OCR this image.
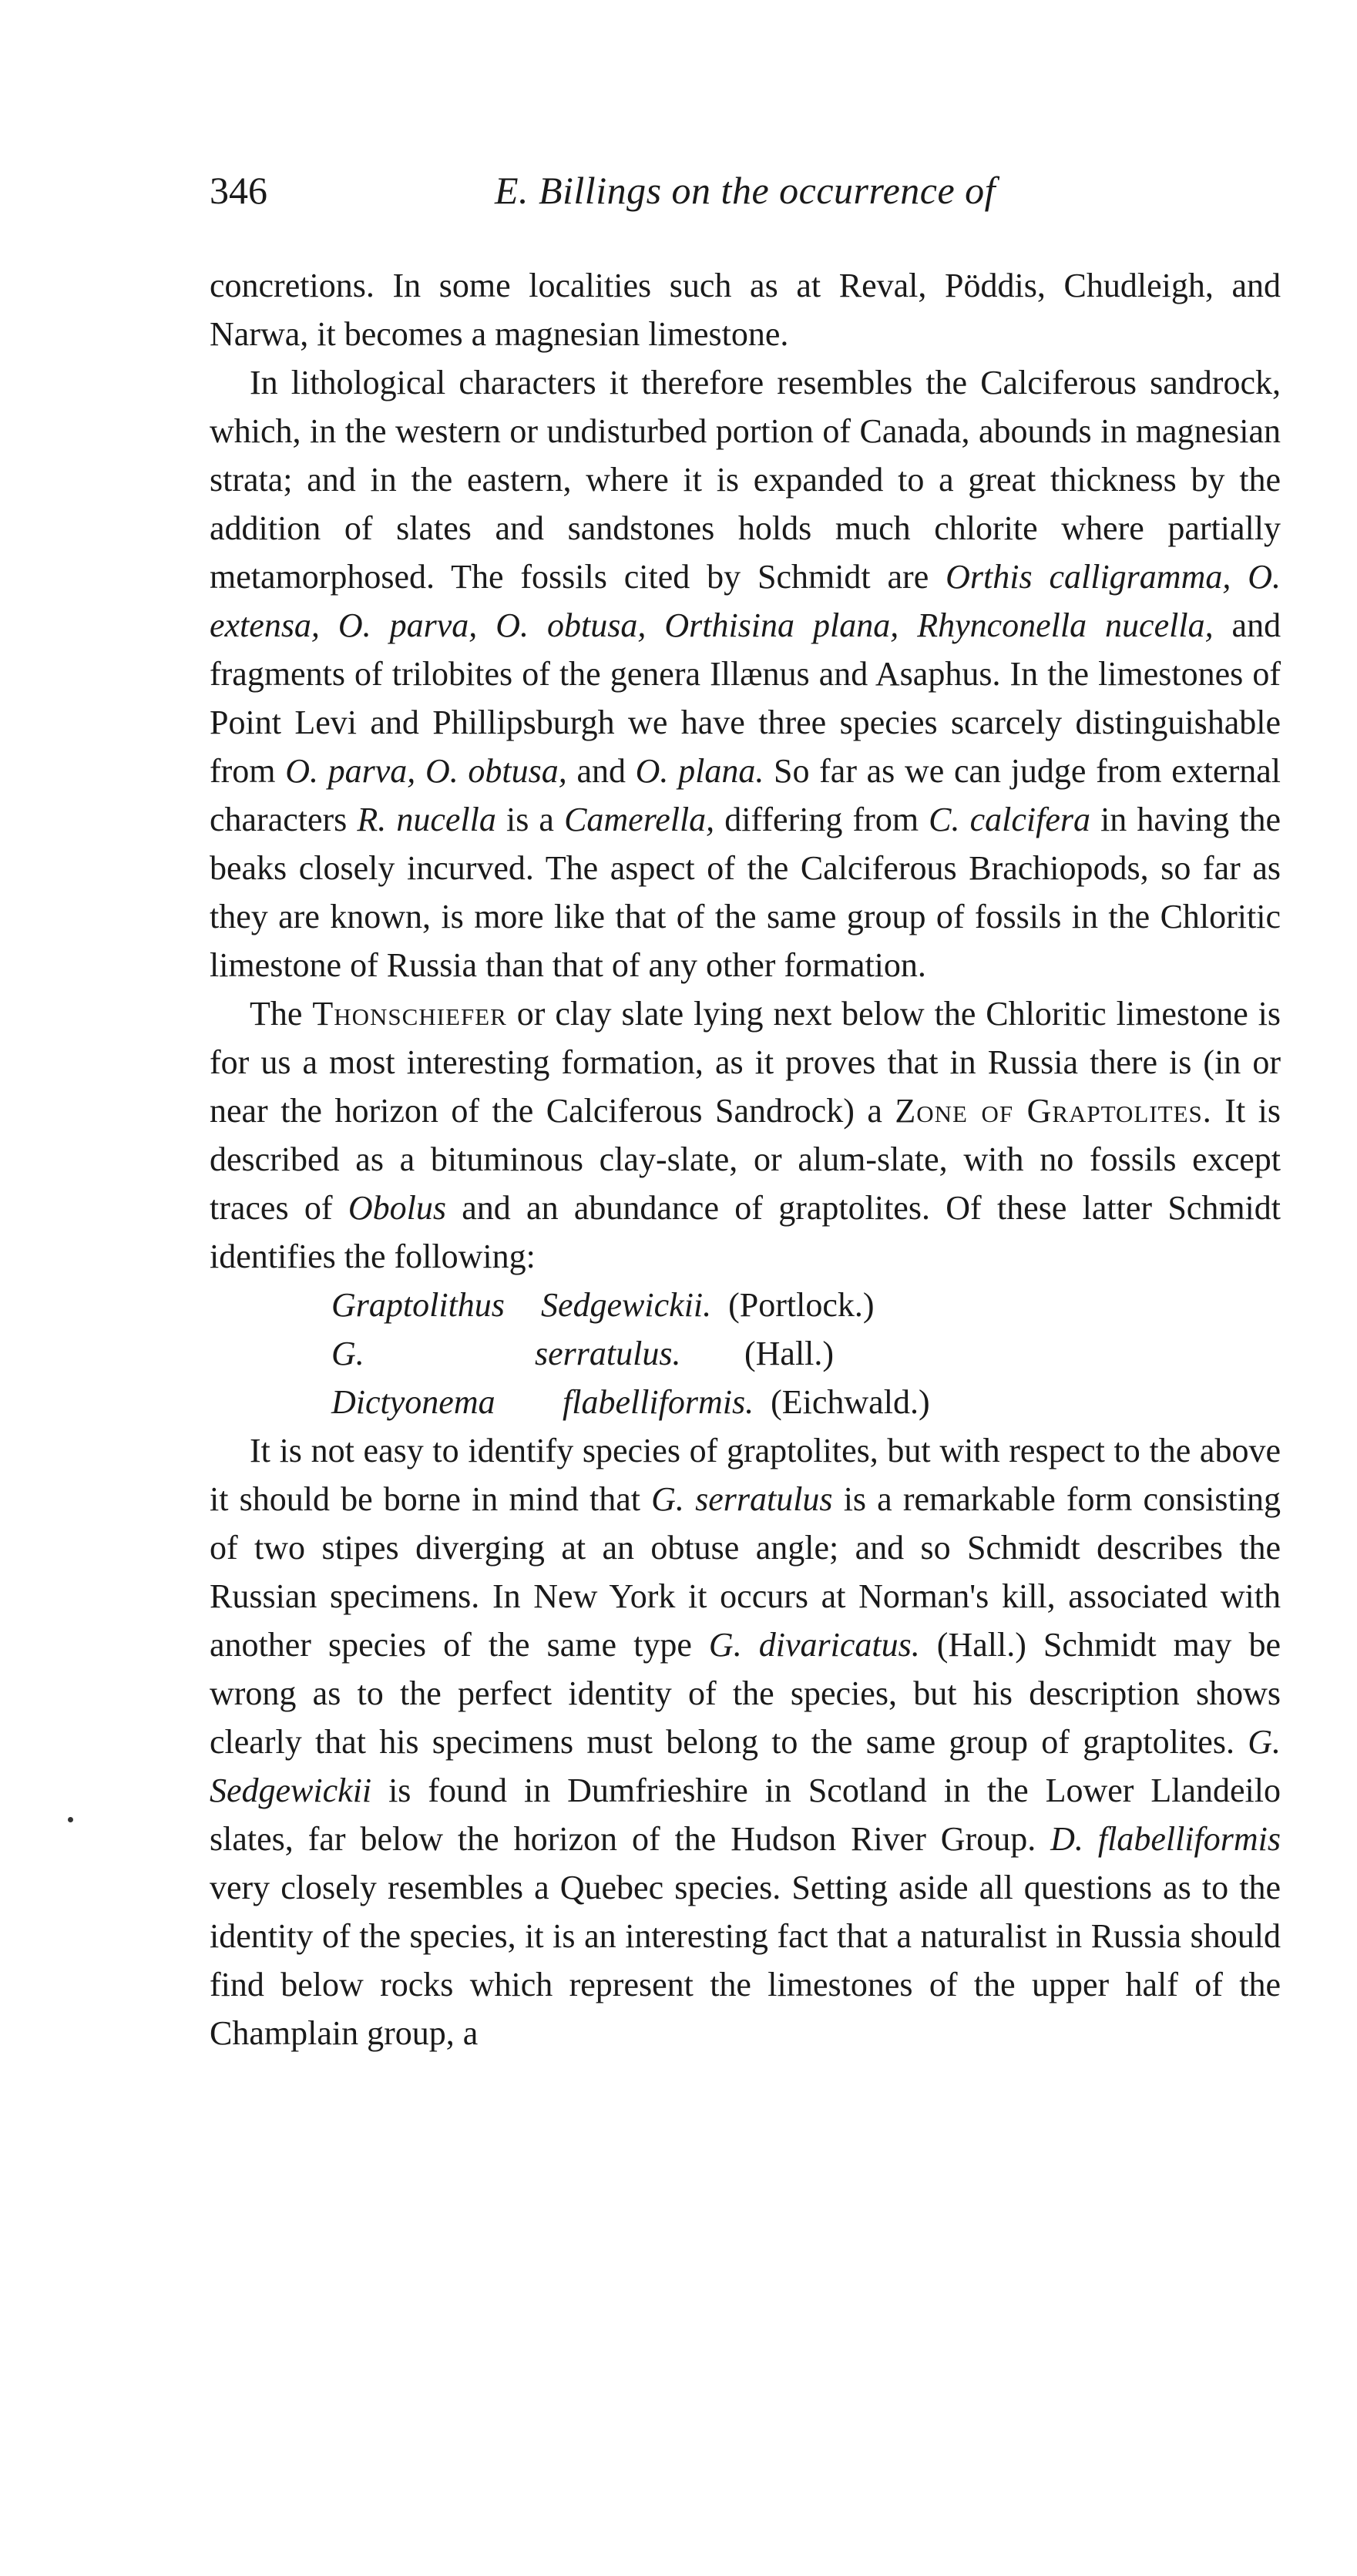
346	E. Billings on the occurrence of

concretions. In some localities such as at Reval, Pöddis, Chudleigh, and Narwa, it becomes a magnesian limestone.

In lithological characters it therefore resembles the Calciferous sandrock, which, in the western or undisturbed portion of Canada, abounds in magnesian strata; and in the eastern, where it is expanded to a great thickness by the addition of slates and sandstones holds much chlorite where partially metamorphosed. The fossils cited by Schmidt are Orthis calligramma, O. extensa, O. parva, O. obtusa, Orthisina plana, Rhynconella nucella, and fragments of trilobites of the genera Illænus and Asaphus. In the limestones of Point Levi and Phillipsburgh we have three species scarcely distinguishable from O. parva, O. obtusa, and O. plana. So far as we can judge from external characters R. nucella is a Camerella, differing from C. calcifera in having the beaks closely incurved. The aspect of the Calciferous Brachiopods, so far as they are known, is more like that of the same group of fossils in the Chloritic limestone of Russia than that of any other formation.

The Thonschiefer or clay slate lying next below the Chloritic limestone is for us a most interesting formation, as it proves that in Russia there is (in or near the horizon of the Calciferous Sandrock) a Zone of Graptolites. It is described as a bituminous clay-slate, or alum-slate, with no fossils except traces of Obolus and an abundance of graptolites. Of these latter Schmidt identifies the following:

Graptolithus	Sedgewickii. (Portlock.)
G.	serratulus.	(Hall.)
Dictyonema	flabelliformis. (Eichwald.)

It is not easy to identify species of graptolites, but with respect to the above it should be borne in mind that G. serratulus is a remarkable form consisting of two stipes diverging at an obtuse angle; and so Schmidt describes the Russian specimens. In New York it occurs at Norman's kill, associated with another species of the same type G. divaricatus. (Hall.) Schmidt may be wrong as to the perfect identity of the species, but his description shows clearly that his specimens must belong to the same group of graptolites. G. Sedgewickii is found in Dumfrieshire in Scotland in the Lower Llandeilo slates, far below the horizon of the Hudson River Group. D. flabelliformis very closely resembles a Quebec species. Setting aside all questions as to the identity of the species, it is an interesting fact that a naturalist in Russia should find below rocks which represent the limestones of the upper half of the Champlain group, a
